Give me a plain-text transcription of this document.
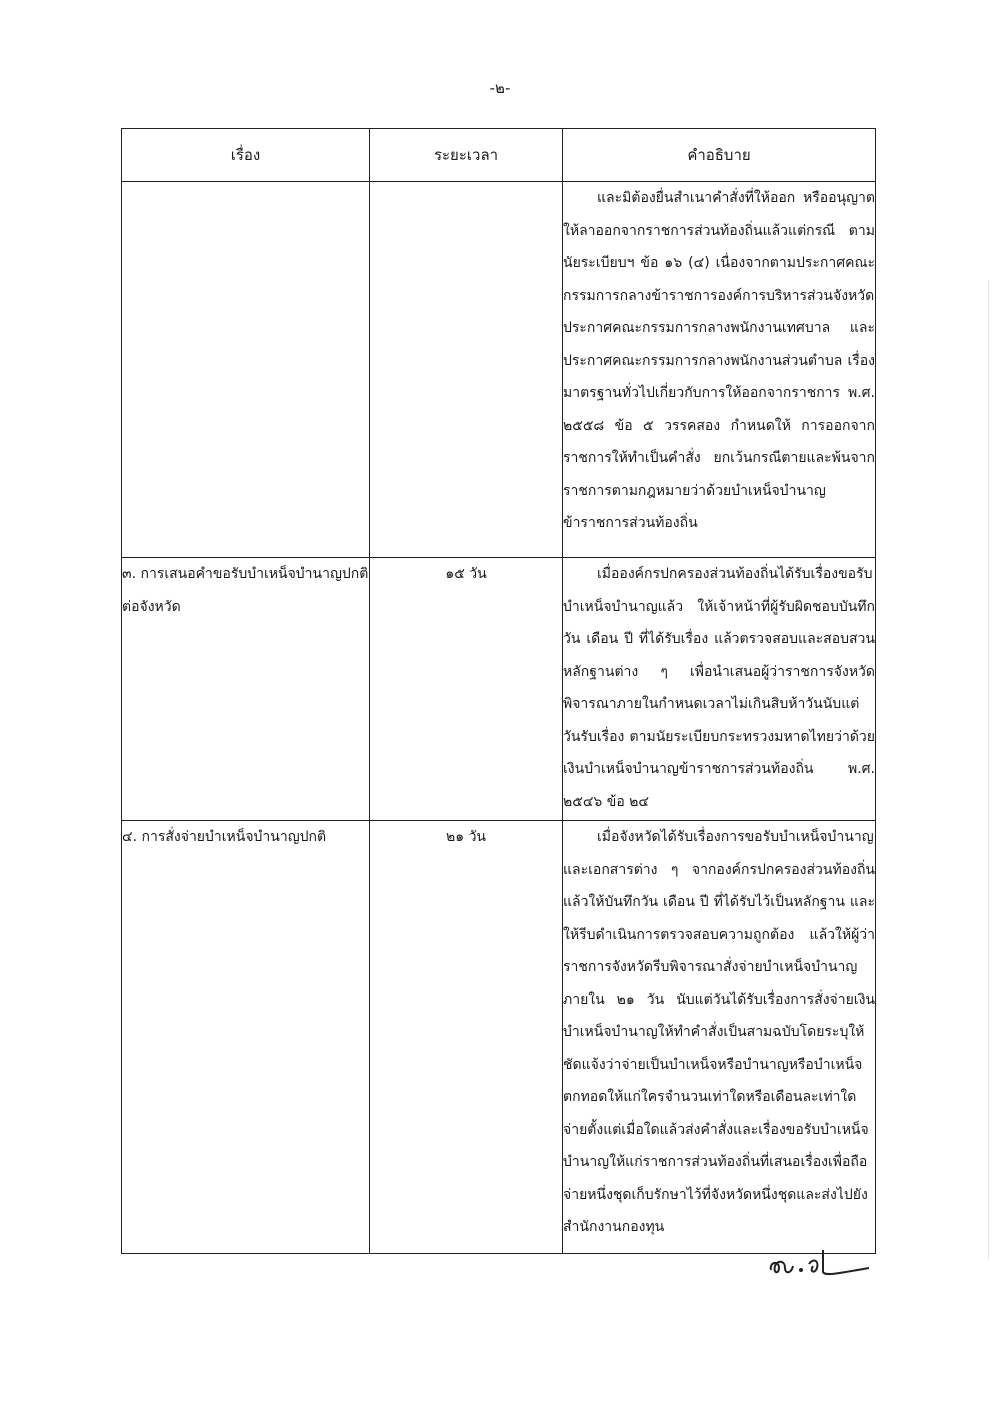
-๒-
เรื่อง	ระยะเวลา	คำอธิบาย

		และมิต้องยื่นสำเนาคำสั่งที่ให้ออก หรืออนุญาตให้ลาออกจากราชการส่วนท้องถิ่นแล้วแต่กรณี ตามนัยระเบียบฯ ข้อ ๑๖ (๔) เนื่องจากตามประกาศคณะกรรมการกลางข้าราชการองค์การบริหารส่วนจังหวัด ประกาศคณะกรรมการกลางพนักงานเทศบาล และประกาศคณะกรรมการกลางพนักงานส่วนตำบล เรื่อง มาตรฐานทั่วไปเกี่ยวกับการให้ออกจากราชการ พ.ศ. ๒๕๕๘ ข้อ ๕ วรรคสอง กำหนดให้ การออกจากราชการให้ทำเป็นคำสั่ง ยกเว้นกรณีตายและพ้นจากราชการตามกฎหมายว่าด้วยบำเหน็จบำนาญข้าราชการส่วนท้องถิ่น

๓. การเสนอคำขอรับบำเหน็จบำนาญปกติต่อจังหวัด	๑๕ วัน	เมื่อองค์กรปกครองส่วนท้องถิ่นได้รับเรื่องขอรับบำเหน็จบำนาญแล้ว ให้เจ้าหน้าที่ผู้รับผิดชอบบันทึก วัน เดือน ปี ที่ได้รับเรื่อง แล้วตรวจสอบและสอบสวนหลักฐานต่าง ๆ เพื่อนำเสนอผู้ว่าราชการจังหวัดพิจารณาภายในกำหนดเวลาไม่เกินสิบห้าวันนับแต่วันรับเรื่อง ตามนัยระเบียบกระทรวงมหาดไทยว่าด้วยเงินบำเหน็จบำนาญข้าราชการส่วนท้องถิ่น พ.ศ. ๒๕๔๖ ข้อ ๒๔

๔. การสั่งจ่ายบำเหน็จบำนาญปกติ	๒๑ วัน	เมื่อจังหวัดได้รับเรื่องการขอรับบำเหน็จบำนาญและเอกสารต่าง ๆ จากองค์กรปกครองส่วนท้องถิ่นแล้วให้บันทึกวัน เดือน ปี ที่ได้รับไว้เป็นหลักฐาน และให้รีบดำเนินการตรวจสอบความถูกต้อง แล้วให้ผู้ว่าราชการจังหวัดรีบพิจารณาสั่งจ่ายบำเหน็จบำนาญภายใน ๒๑ วัน นับแต่วันได้รับเรื่องการสั่งจ่ายเงินบำเหน็จบำนาญให้ทำคำสั่งเป็นสามฉบับโดยระบุให้ชัดแจ้งว่าจ่ายเป็นบำเหน็จหรือบำนาญหรือบำเหน็จตกทอดให้แก่ใครจำนวนเท่าใดหรือเดือนละเท่าใด จ่ายตั้งแต่เมื่อใดแล้วส่งคำสั่งและเรื่องขอรับบำเหน็จบำนาญให้แก่ราชการส่วนท้องถิ่นที่เสนอเรื่องเพื่อถือจ่ายหนึ่งชุดเก็บรักษาไว้ที่จังหวัดหนึ่งชุดและส่งไปยังสำนักงานกองทุน
